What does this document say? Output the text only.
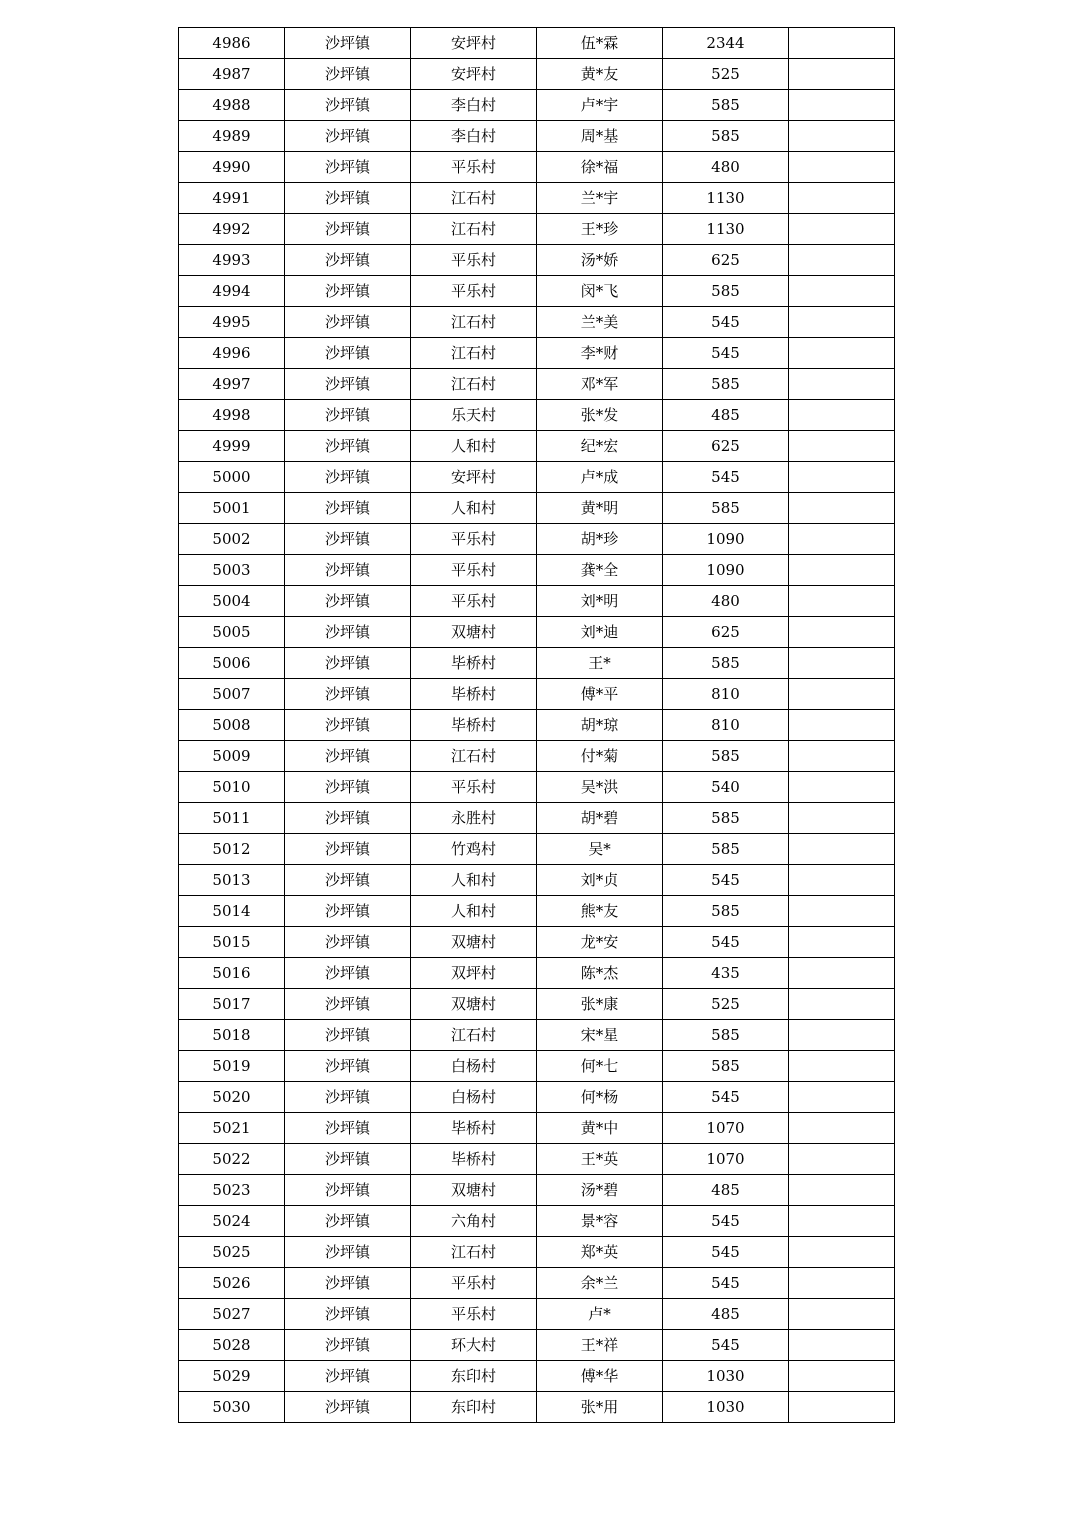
4986	沙坪镇	安坪村	伍*霖	2344	
4987	沙坪镇	安坪村	黄*友	525	
4988	沙坪镇	李白村	卢*宇	585	
4989	沙坪镇	李白村	周*基	585	
4990	沙坪镇	平乐村	徐*福	480	
4991	沙坪镇	江石村	兰*宇	1130	
4992	沙坪镇	江石村	王*珍	1130	
4993	沙坪镇	平乐村	汤*娇	625	
4994	沙坪镇	平乐村	闵*飞	585	
4995	沙坪镇	江石村	兰*美	545	
4996	沙坪镇	江石村	李*财	545	
4997	沙坪镇	江石村	邓*军	585	
4998	沙坪镇	乐天村	张*发	485	
4999	沙坪镇	人和村	纪*宏	625	
5000	沙坪镇	安坪村	卢*成	545	
5001	沙坪镇	人和村	黄*明	585	
5002	沙坪镇	平乐村	胡*珍	1090	
5003	沙坪镇	平乐村	龚*全	1090	
5004	沙坪镇	平乐村	刘*明	480	
5005	沙坪镇	双塘村	刘*迪	625	
5006	沙坪镇	毕桥村	王*	585	
5007	沙坪镇	毕桥村	傅*平	810	
5008	沙坪镇	毕桥村	胡*琼	810	
5009	沙坪镇	江石村	付*菊	585	
5010	沙坪镇	平乐村	吴*洪	540	
5011	沙坪镇	永胜村	胡*碧	585	
5012	沙坪镇	竹鸡村	吴*	585	
5013	沙坪镇	人和村	刘*贞	545	
5014	沙坪镇	人和村	熊*友	585	
5015	沙坪镇	双塘村	龙*安	545	
5016	沙坪镇	双坪村	陈*杰	435	
5017	沙坪镇	双塘村	张*康	525	
5018	沙坪镇	江石村	宋*星	585	
5019	沙坪镇	白杨村	何*七	585	
5020	沙坪镇	白杨村	何*杨	545	
5021	沙坪镇	毕桥村	黄*中	1070	
5022	沙坪镇	毕桥村	王*英	1070	
5023	沙坪镇	双塘村	汤*碧	485	
5024	沙坪镇	六角村	景*容	545	
5025	沙坪镇	江石村	郑*英	545	
5026	沙坪镇	平乐村	余*兰	545	
5027	沙坪镇	平乐村	卢*	485	
5028	沙坪镇	环大村	王*祥	545	
5029	沙坪镇	东印村	傅*华	1030	
5030	沙坪镇	东印村	张*用	1030	
